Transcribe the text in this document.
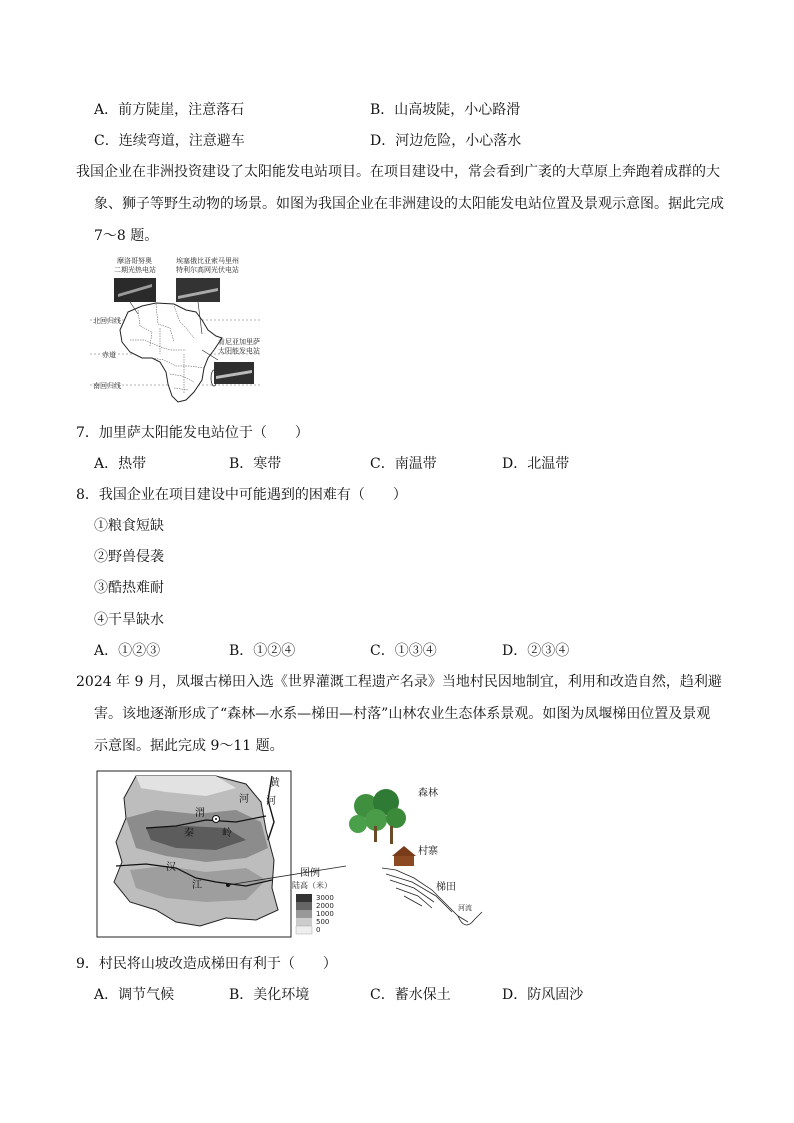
A．前方陡崖，注意落石	B．山高坡陡，小心路滑
C．连续弯道，注意避车	D．河边危险，小心落水
我国企业在非洲投资建设了太阳能发电站项目。在项目建设中，常会看到广袤的大草原上奔跑着成群的大
象、狮子等野生动物的场景。如图为我国企业在非洲建设的太阳能发电站位置及景观示意图。据此完成
7～8 题。
摩洛哥努奥
二期光热电站
埃塞俄比亚索马里州
特利尔高网光伏电站
肯尼亚加里萨
太阳能发电站
北回归线
赤道
南回归线
7．加里萨太阳能发电站位于（　　）
A．热带	B．寒带	C．南温带	D．北温带
8．我国企业在项目建设中可能遇到的困难有（　　）
①粮食短缺
②野兽侵袭
③酷热难耐
④干旱缺水
A．①②③	B．①②④	C．①③④	D．②③④
2024 年 9 月，凤堰古梯田入选《世界灌溉工程遗产名录》当地村民因地制宜，利用和改造自然，趋利避
害。该地逐渐形成了“森林—水系—梯田—村落”山林农业生态体系景观。如图为凤堰梯田位置及景观
示意图。据此完成 9～11 题。
黄
河 河
渭
秦	岭
汉
江
图例
陆高（米）
3000
2000
1000
500
0
森林
村寨
梯田
河流
9．村民将山坡改造成梯田有利于（　　）
A．调节气候	B．美化环境	C．蓄水保土	D．防风固沙
